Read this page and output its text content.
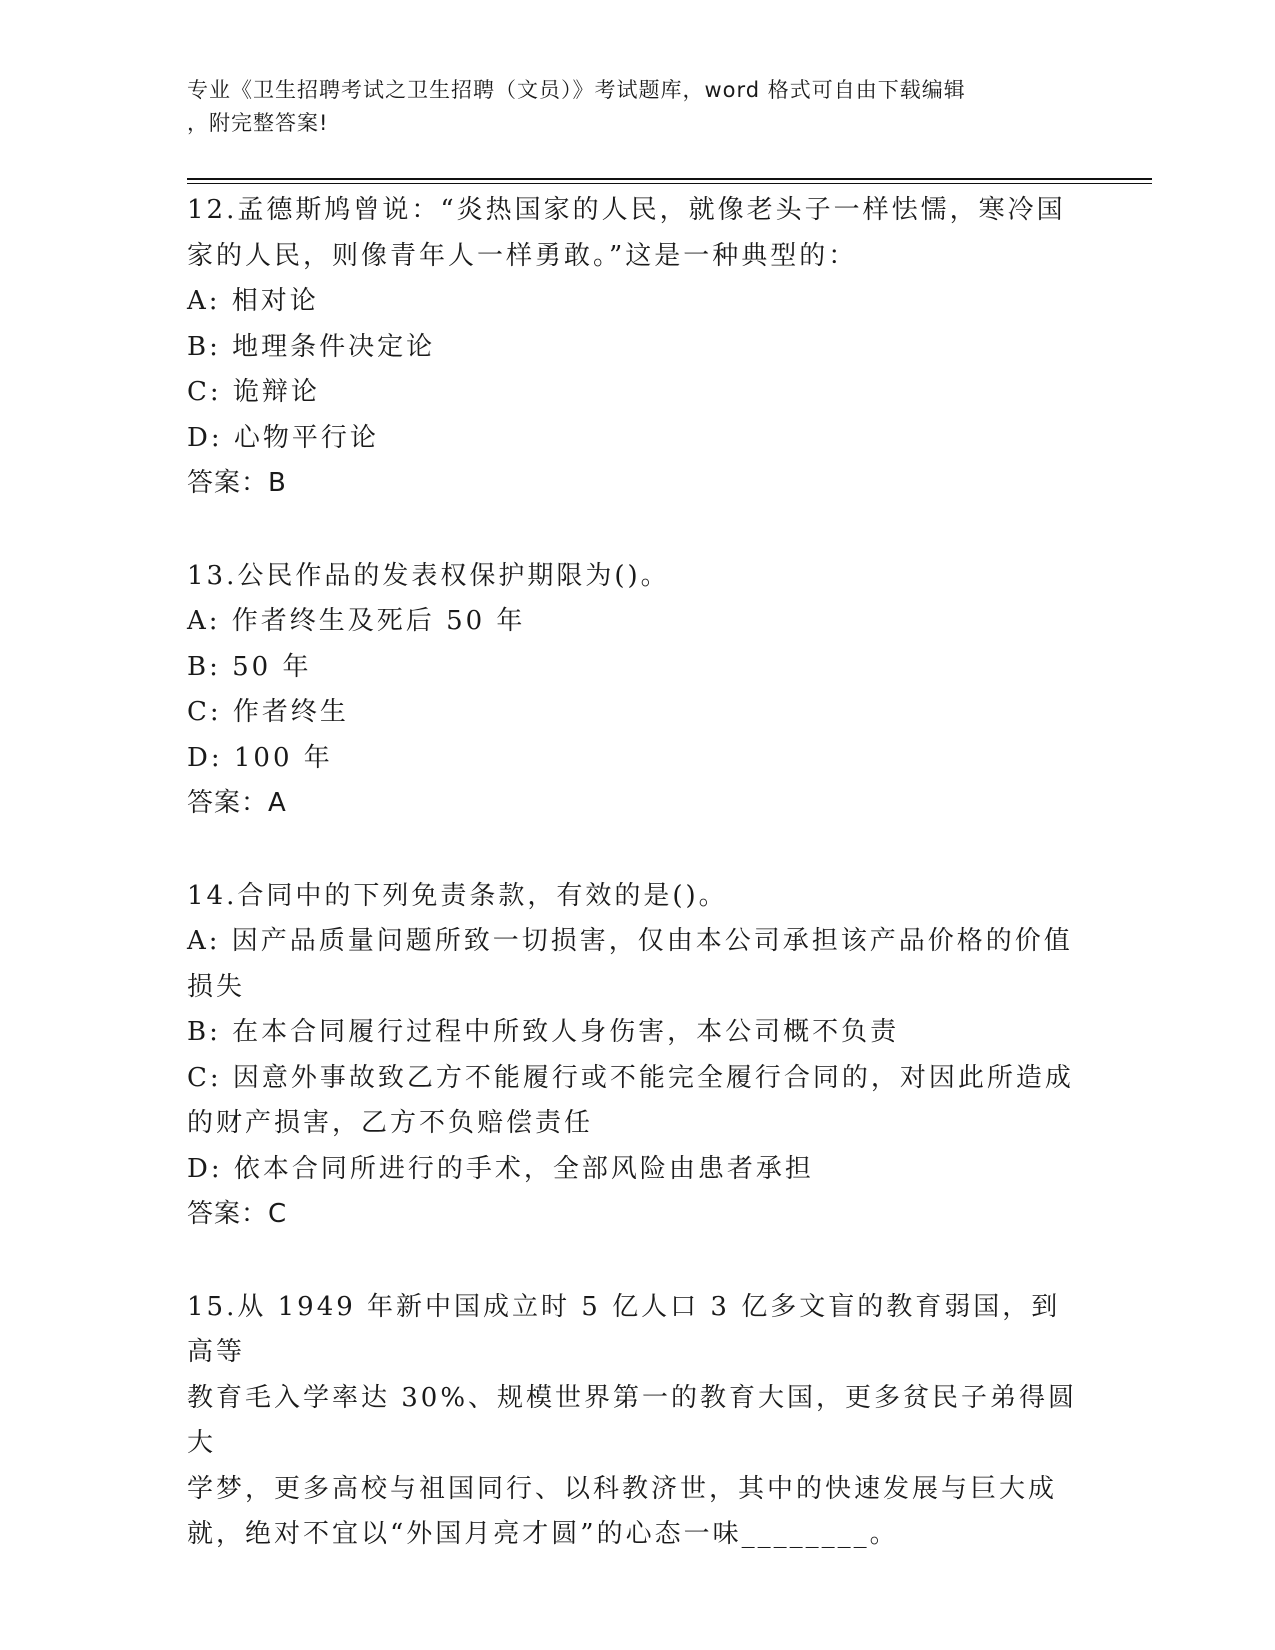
专业《卫生招聘考试之卫生招聘（文员）》考试题库，word 格式可自由下载编辑
，附完整答案!
12.孟德斯鸠曾说：“炎热国家的人民，就像老头子一样怯懦，寒冷国
家的人民，则像青年人一样勇敢。”这是一种典型的：
A: 相对论
B: 地理条件决定论
C: 诡辩论
D: 心物平行论
答案：B
13.公民作品的发表权保护期限为()。
A: 作者终生及死后 50 年
B: 50 年
C: 作者终生
D: 100 年
答案：A
14.合同中的下列免责条款，有效的是()。
A: 因产品质量问题所致一切损害，仅由本公司承担该产品价格的价值
损失
B: 在本合同履行过程中所致人身伤害，本公司概不负责
C: 因意外事故致乙方不能履行或不能完全履行合同的，对因此所造成
的财产损害，乙方不负赔偿责任
D: 依本合同所进行的手术，全部风险由患者承担
答案：C
15.从 1949 年新中国成立时 5 亿人口 3 亿多文盲的教育弱国，到高等
教育毛入学率达 30%、规模世界第一的教育大国，更多贫民子弟得圆大
学梦，更多高校与祖国同行、以科教济世，其中的快速发展与巨大成
就，绝对不宜以“外国月亮才圆”的心态一味________。
